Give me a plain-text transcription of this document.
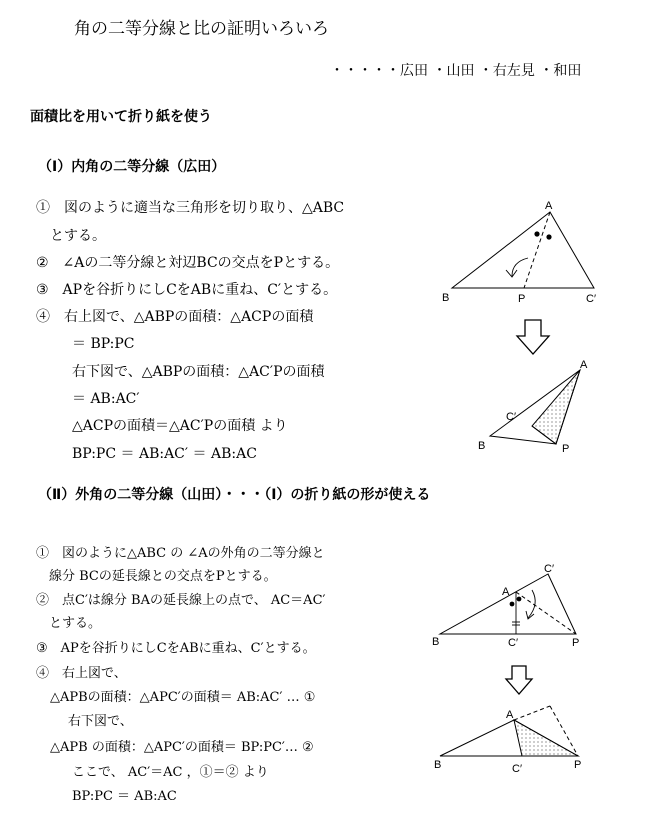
角の二等分線と比の証明いろいろ
・・・・・広田 ・山田 ・右左見 ・和田
面積比を用いて折り紙を使う
（Ⅰ）内角の二等分線（広田）
①　図のように適当な三角形を切り取り、△ABC
　とする。
②　∠Aの二等分線と対辺BCの交点をPとする。
③　APを谷折りにしCをABに重ね、C′とする。
④　右上図で、△ABPの面積：△ACPの面積
＝ BP:PC
右下図で、△ABPの面積：△AC′Pの面積
＝ AB:AC′
△ACPの面積＝△AC′Pの面積 より
BP:PC ＝ AB:AC′ ＝ AB:AC
A
B	P	C′
A
C′
B	P
（Ⅱ）外角の二等分線（山田）・・・（Ⅰ）の折り紙の形が使える
①　図のように△ABC の ∠Aの外角の二等分線と
　線分 BCの延長線との交点をPとする。
②　点C′は線分 BAの延長線上の点で、 AC＝AC′
　とする。
③　APを谷折りにしCをABに重ね、C′とする。
④　右上図で、
△APBの面積：△APC′の面積＝ AB:AC′ … ①
右下図で、
△APB の面積：△APC′の面積＝ BP:PC′… ②
ここで、 AC′＝AC ，①＝② より
BP:PC ＝ AB:AC
A
C′
B	C′	P
A
B	C′	P
